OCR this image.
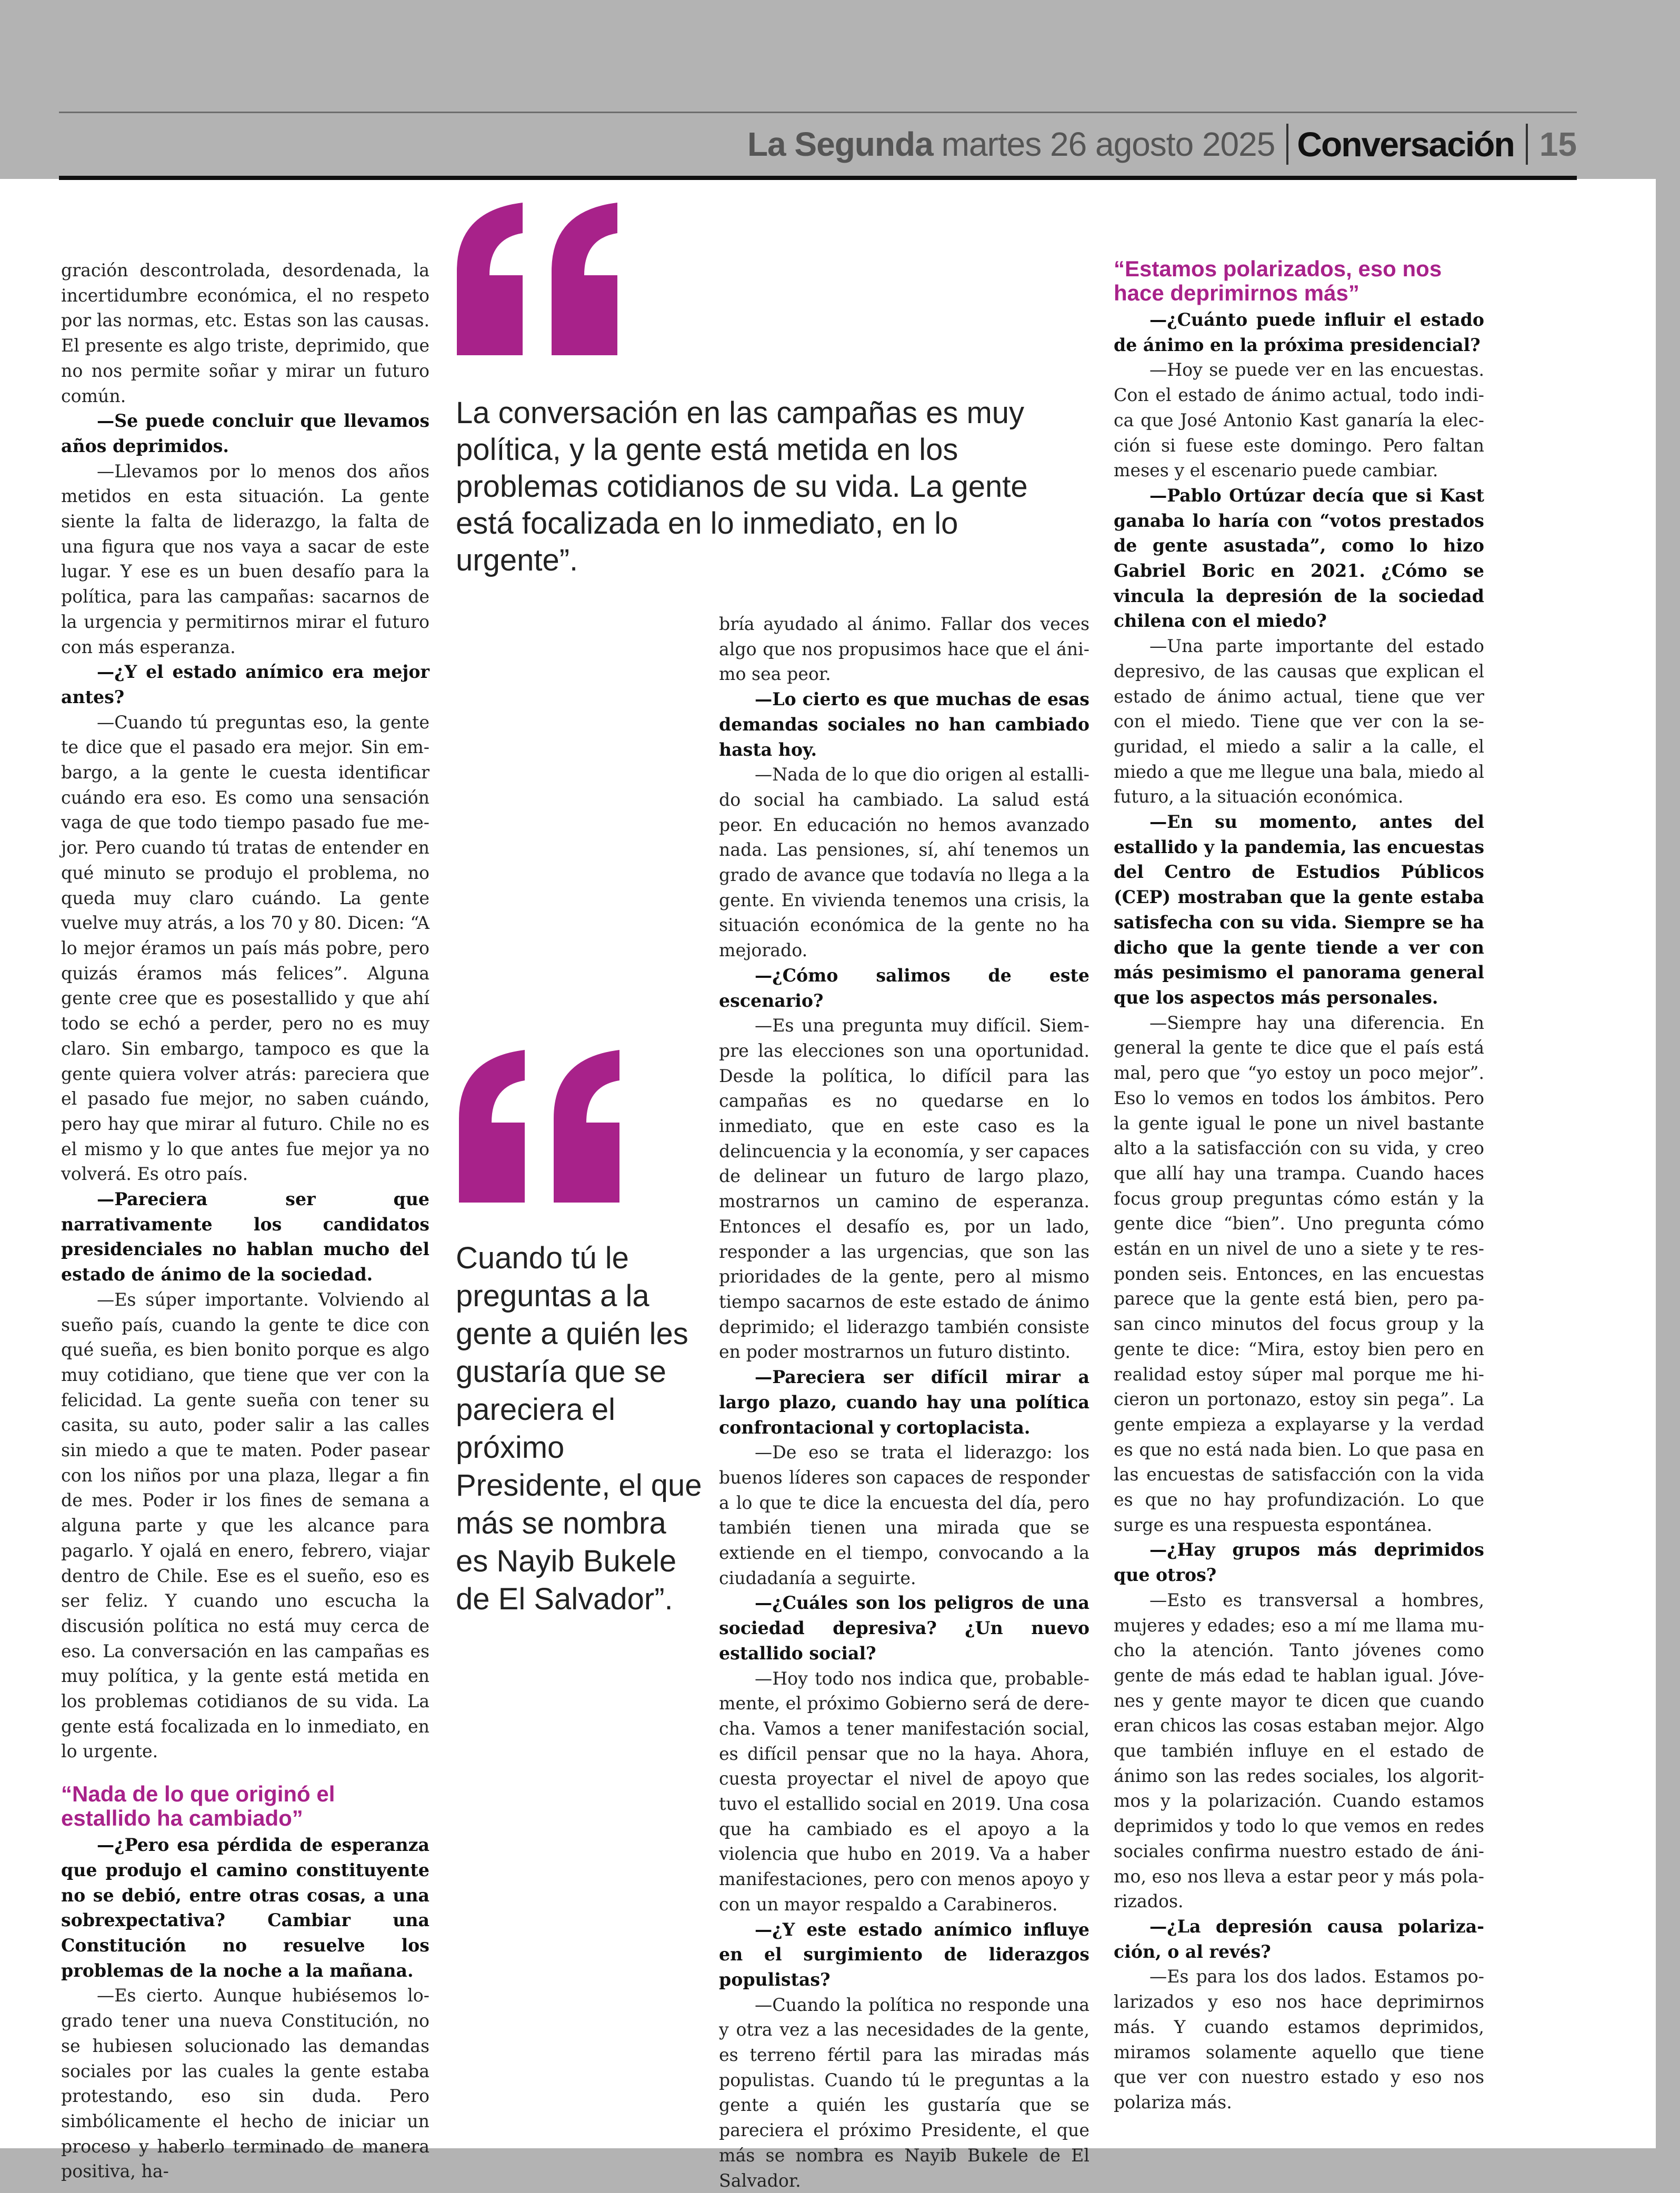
La Segunda martes 26 agosto 2025 Conversación 15

gración descontrolada, desordenada, la incertidumbre económica, el no respeto por las normas, etc. Estas son las causas. El presente es algo triste, deprimido, que no nos permite soñar y mirar un futuro común.

—Se puede concluir que llevamos años deprimidos.

—Llevamos por lo menos dos años metidos en esta situación. La gente siente la falta de liderazgo, la falta de una figura que nos vaya a sacar de este lugar. Y ese es un buen desafío para la política, para las campañas: sacarnos de la urgencia y permitirnos mirar el futuro con más esperanza.

—¿Y el estado anímico era mejor antes?

—Cuando tú preguntas eso, la gente te dice que el pasado era mejor. Sin embargo, a la gente le cuesta identificar cuándo era eso. Es como una sensación vaga de que todo tiempo pasado fue mejor. Pero cuando tú tratas de entender en qué minuto se produjo el problema, no queda muy claro cuándo. La gente vuelve muy atrás, a los 70 y 80. Dicen: “A lo mejor éramos un país más pobre, pero quizás éramos más felices”. Alguna gente cree que es posestallido y que ahí todo se echó a perder, pero no es muy claro. Sin embargo, tampoco es que la gente quiera volver atrás: pareciera que el pasado fue mejor, no saben cuándo, pero hay que mirar al futuro. Chile no es el mismo y lo que antes fue mejor ya no volverá. Es otro país.

—Pareciera ser que narrativamente los candidatos presidenciales no hablan mucho del estado de ánimo de la sociedad.

—Es súper importante. Volviendo al sueño país, cuando la gente te dice con qué sueña, es bien bonito porque es algo muy cotidiano, que tiene que ver con la felicidad. La gente sueña con tener su casita, su auto, poder salir a las calles sin miedo a que te maten. Poder pasear con los niños por una plaza, llegar a fin de mes. Poder ir los fines de semana a alguna parte y que les alcance para pagarlo. Y ojalá en enero, febrero, viajar dentro de Chile. Ese es el sueño, eso es ser feliz. Y cuando uno escucha la discusión política no está muy cerca de eso. La conversación en las campañas es muy política, y la gente está metida en los problemas cotidianos de su vida. La gente está focalizada en lo inmediato, en lo urgente.

“Nada de lo que originó el estallido ha cambiado”

—¿Pero esa pérdida de esperanza que produjo el camino constituyente no se debió, entre otras cosas, a una sobrexpectativa? Cambiar una Constitución no resuelve los problemas de la noche a la mañana.

—Es cierto. Aunque hubiésemos logrado tener una nueva Constitución, no se hubiesen solucionado las demandas sociales por las cuales la gente estaba protestando, eso sin duda. Pero simbólicamente el hecho de iniciar un proceso y haberlo terminado de manera positiva, ha-

La conversación en las campañas es muy política, y la gente está metida en los problemas cotidianos de su vida. La gente está focalizada en lo inmediato, en lo urgente”.

bría ayudado al ánimo. Fallar dos veces algo que nos propusimos hace que el ánimo sea peor.

—Lo cierto es que muchas de esas demandas sociales no han cambiado hasta hoy.

—Nada de lo que dio origen al estallido social ha cambiado. La salud está peor. En educación no hemos avanzado nada. Las pensiones, sí, ahí tenemos un grado de avance que todavía no llega a la gente. En vivienda tenemos una crisis, la situación económica de la gente no ha mejorado.

—¿Cómo salimos de este escenario?

—Es una pregunta muy difícil. Siempre las elecciones son una oportunidad. Desde la política, lo difícil para las campañas es no quedarse en lo inmediato, que en este caso es la delincuencia y la economía, y ser capaces de delinear un futuro de largo plazo, mostrarnos un camino de esperanza. Entonces el desafío es, por un lado, responder a las urgencias, que son las prioridades de la gente, pero al mismo tiempo sacarnos de este estado de ánimo deprimido; el liderazgo también consiste en poder mostrarnos un futuro distinto.

—Pareciera ser difícil mirar a largo plazo, cuando hay una política confrontacional y cortoplacista.

—De eso se trata el liderazgo: los buenos líderes son capaces de responder a lo que te dice la encuesta del día, pero también tienen una mirada que se extiende en el tiempo, convocando a la ciudadanía a seguirte.

—¿Cuáles son los peligros de una sociedad depresiva? ¿Un nuevo estallido social?

—Hoy todo nos indica que, probablemente, el próximo Gobierno será de derecha. Vamos a tener manifestación social, es difícil pensar que no la haya. Ahora, cuesta proyectar el nivel de apoyo que tuvo el estallido social en 2019. Una cosa que ha cambiado es el apoyo a la violencia que hubo en 2019. Va a haber manifestaciones, pero con menos apoyo y con un mayor respaldo a Carabineros.

—¿Y este estado anímico influye en el surgimiento de liderazgos populistas?

—Cuando la política no responde una y otra vez a las necesidades de la gente, es terreno fértil para las miradas más populistas. Cuando tú le preguntas a la gente a quién les gustaría que se pareciera el próximo Presidente, el que más se nombra es Nayib Bukele de El Salvador.

Cuando tú le preguntas a la gente a quién les gustaría que se pareciera el próximo Presidente, el que más se nombra es Nayib Bukele de El Salvador”.

“Estamos polarizados, eso nos hace deprimirnos más”

—¿Cuánto puede influir el estado de ánimo en la próxima presidencial?

—Hoy se puede ver en las encuestas. Con el estado de ánimo actual, todo indica que José Antonio Kast ganaría la elección si fuese este domingo. Pero faltan meses y el escenario puede cambiar.

—Pablo Ortúzar decía que si Kast ganaba lo haría con “votos prestados de gente asustada”, como lo hizo Gabriel Boric en 2021. ¿Cómo se vincula la depresión de la sociedad chilena con el miedo?

—Una parte importante del estado depresivo, de las causas que explican el estado de ánimo actual, tiene que ver con el miedo. Tiene que ver con la seguridad, el miedo a salir a la calle, el miedo a que me llegue una bala, miedo al futuro, a la situación económica.

—En su momento, antes del estallido y la pandemia, las encuestas del Centro de Estudios Públicos (CEP) mostraban que la gente estaba satisfecha con su vida. Siempre se ha dicho que la gente tiende a ver con más pesimismo el panorama general que los aspectos más personales.

—Siempre hay una diferencia. En general la gente te dice que el país está mal, pero que “yo estoy un poco mejor”. Eso lo vemos en todos los ámbitos. Pero la gente igual le pone un nivel bastante alto a la satisfacción con su vida, y creo que allí hay una trampa. Cuando haces focus group preguntas cómo están y la gente dice “bien”. Uno pregunta cómo están en un nivel de uno a siete y te responden seis. Entonces, en las encuestas parece que la gente está bien, pero pasan cinco minutos del focus group y la gente te dice: “Mira, estoy bien pero en realidad estoy súper mal porque me hicieron un portonazo, estoy sin pega”. La gente empieza a explayarse y la verdad es que no está nada bien. Lo que pasa en las encuestas de satisfacción con la vida es que no hay profundización. Lo que surge es una respuesta espontánea.

—¿Hay grupos más deprimidos que otros?

—Esto es transversal a hombres, mujeres y edades; eso a mí me llama mucho la atención. Tanto jóvenes como gente de más edad te hablan igual. Jóvenes y gente mayor te dicen que cuando eran chicos las cosas estaban mejor. Algo que también influye en el estado de ánimo son las redes sociales, los algoritmos y la polarización. Cuando estamos deprimidos y todo lo que vemos en redes sociales confirma nuestro estado de ánimo, eso nos lleva a estar peor y más polarizados.

—¿La depresión causa polarización, o al revés?

—Es para los dos lados. Estamos polarizados y eso nos hace deprimirnos más. Y cuando estamos deprimidos, miramos solamente aquello que tiene que ver con nuestro estado y eso nos polariza más.
